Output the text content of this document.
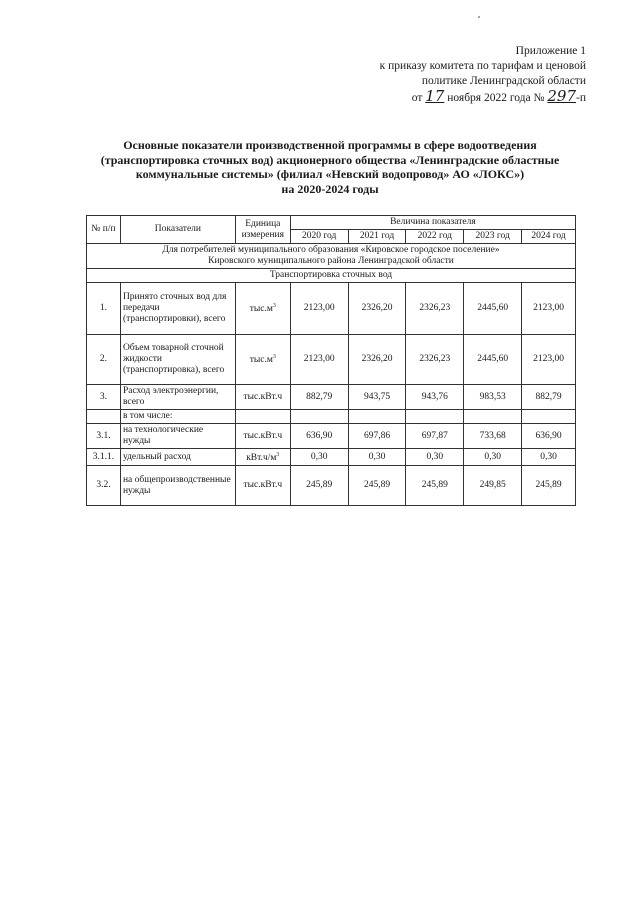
Приложение 1
к приказу комитета по тарифам и ценовой
политике Ленинградской области
от 17 ноября 2022 года № 297-п
Основные показатели производственной программы в сфере водоотведения
(транспортировка сточных вод) акционерного общества «Ленинградские областные
коммунальные системы» (филиал «Невский водопровод» АО «ЛОКС»)
на 2020-2024 годы
№ п/п	Показатели	Единица измерения	Величина показателя				
			2020 год	2021 год	2022 год	2023 год	2024 год

Для потребителей муниципального образования «Кировское городское поселение»
Кировского муниципального района Ленинградской области							

Транспортировка сточных вод							
1.	Принято сточных вод для передачи (транспортировки), всего	$тыс.м^3$	2123,00	2326,20	2326,23	2445,60	2123,00
2.	Объем товарной сточной жидкости (транспортировка), всего	$тыс.м^3$	2123,00	2326,20	2326,23	2445,60	2123,00
3.	Расход электроэнергии, всего	тыс.кВт.ч	882,79	943,75	943,76	983,53	882,79
	в том числе:						
3.1.	на технологические нужды	тыс.кВт.ч	636,90	697,86	697,87	733,68	636,90
3.1.1.	удельный расход	$кВт.ч/м^3$	0,30	0,30	0,30	0,30	0,30
3.2.	на общепроизводственные нужды	тыс.кВт.ч	245,89	245,89	245,89	249,85	245,89
